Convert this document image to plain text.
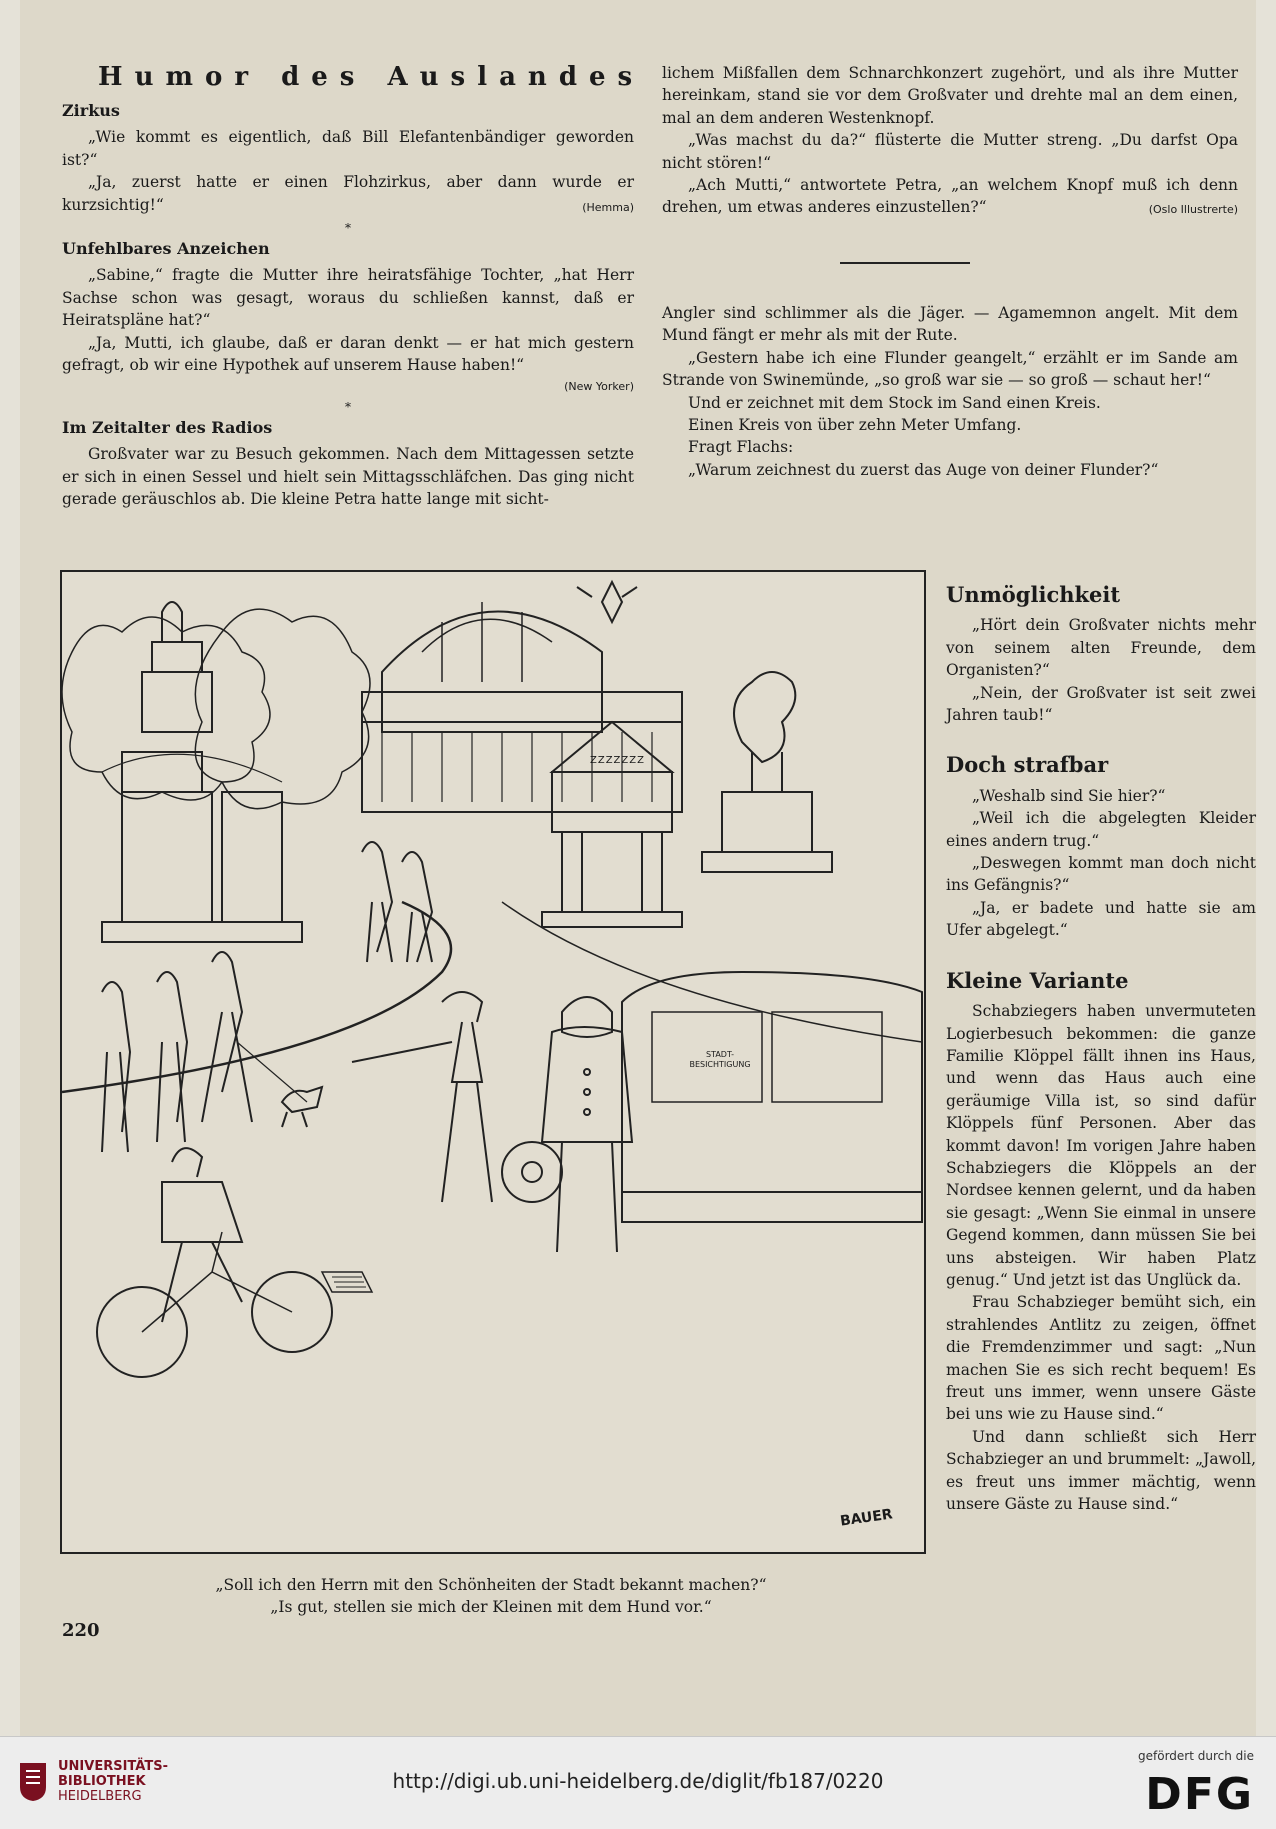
Humor des Auslandes
Zirkus

„Wie kommt es eigentlich, daß Bill Elefantenbändiger geworden ist?“

„Ja, zuerst hatte er einen Flohzirkus, aber dann wurde er kurzsichtig!“	(Hemma)

*
Unfehlbares Anzeichen

„Sabine,“ fragte die Mutter ihre heiratsfähige Tochter, „hat Herr Sachse schon was gesagt, woraus du schließen kannst, daß er Heiratspläne hat?“

„Ja, Mutti, ich glaube, daß er daran denkt — er hat mich gestern gefragt, ob wir eine Hypothek auf unserem Hause haben!“

(New Yorker)
*
Im Zeitalter des Radios

Großvater war zu Besuch gekommen. Nach dem Mittagessen setzte er sich in einen Sessel und hielt sein Mittagsschläfchen. Das ging nicht gerade geräuschlos ab. Die kleine Petra hatte lange mit sicht-

lichem Mißfallen dem Schnarchkonzert zugehört, und als ihre Mutter hereinkam, stand sie vor dem Großvater und drehte mal an dem einen, mal an dem anderen Westenknopf.

„Was machst du da?“ flüsterte die Mutter streng. „Du darfst Opa nicht stören!“

„Ach Mutti,“ antwortete Petra, „an welchem Knopf muß ich denn drehen, um etwas anderes einzustellen?“	(Oslo Illustrerte)

Angler sind schlimmer als die Jäger. — Agamemnon angelt. Mit dem Mund fängt er mehr als mit der Rute.

„Gestern habe ich eine Flunder geangelt,“ erzählt er im Sande am Strande von Swinemünde, „so groß war sie — so groß — schaut her!“

Und er zeichnet mit dem Stock im Sand einen Kreis.

Einen Kreis von über zehn Meter Umfang.

Fragt Flachs:

„Warum zeichnest du zuerst das Auge von deiner Flunder?“

STADT-BESICHTIGUNG
ZZZZZZZ
BAUER
„Soll ich den Herrn mit den Schönheiten der Stadt bekannt machen?“
„Is gut, stellen sie mich der Kleinen mit dem Hund vor.“
220
Unmöglichkeit

„Hört dein Großvater nichts mehr von seinem alten Freunde, dem Organisten?“

„Nein, der Großvater ist seit zwei Jahren taub!“

Doch strafbar

„Weshalb sind Sie hier?“

„Weil ich die abgelegten Kleider eines andern trug.“

„Deswegen kommt man doch nicht ins Gefängnis?“

„Ja, er badete und hatte sie am Ufer abgelegt.“

Kleine Variante

Schabziegers haben unvermuteten Logierbesuch bekommen: die ganze Familie Klöppel fällt ihnen ins Haus, und wenn das Haus auch eine geräumige Villa ist, so sind dafür Klöppels fünf Personen. Aber das kommt davon! Im vorigen Jahre haben Schabziegers die Klöppels an der Nordsee kennen gelernt, und da haben sie gesagt: „Wenn Sie einmal in unsere Gegend kommen, dann müssen Sie bei uns absteigen. Wir haben Platz genug.“ Und jetzt ist das Unglück da.

Frau Schabzieger bemüht sich, ein strahlendes Antlitz zu zeigen, öffnet die Fremdenzimmer und sagt: „Nun machen Sie es sich recht bequem! Es freut uns immer, wenn unsere Gäste bei uns wie zu Hause sind.“

Und dann schließt sich Herr Schabzieger an und brummelt: „Jawoll, es freut uns immer mächtig, wenn unsere Gäste zu Hause sind.“

UNIVERSITÄTS-
BIBLIOTHEK
HEIDELBERG
http://digi.ub.uni-heidelberg.de/diglit/fb187/0220
gefördert durch die
DFG
